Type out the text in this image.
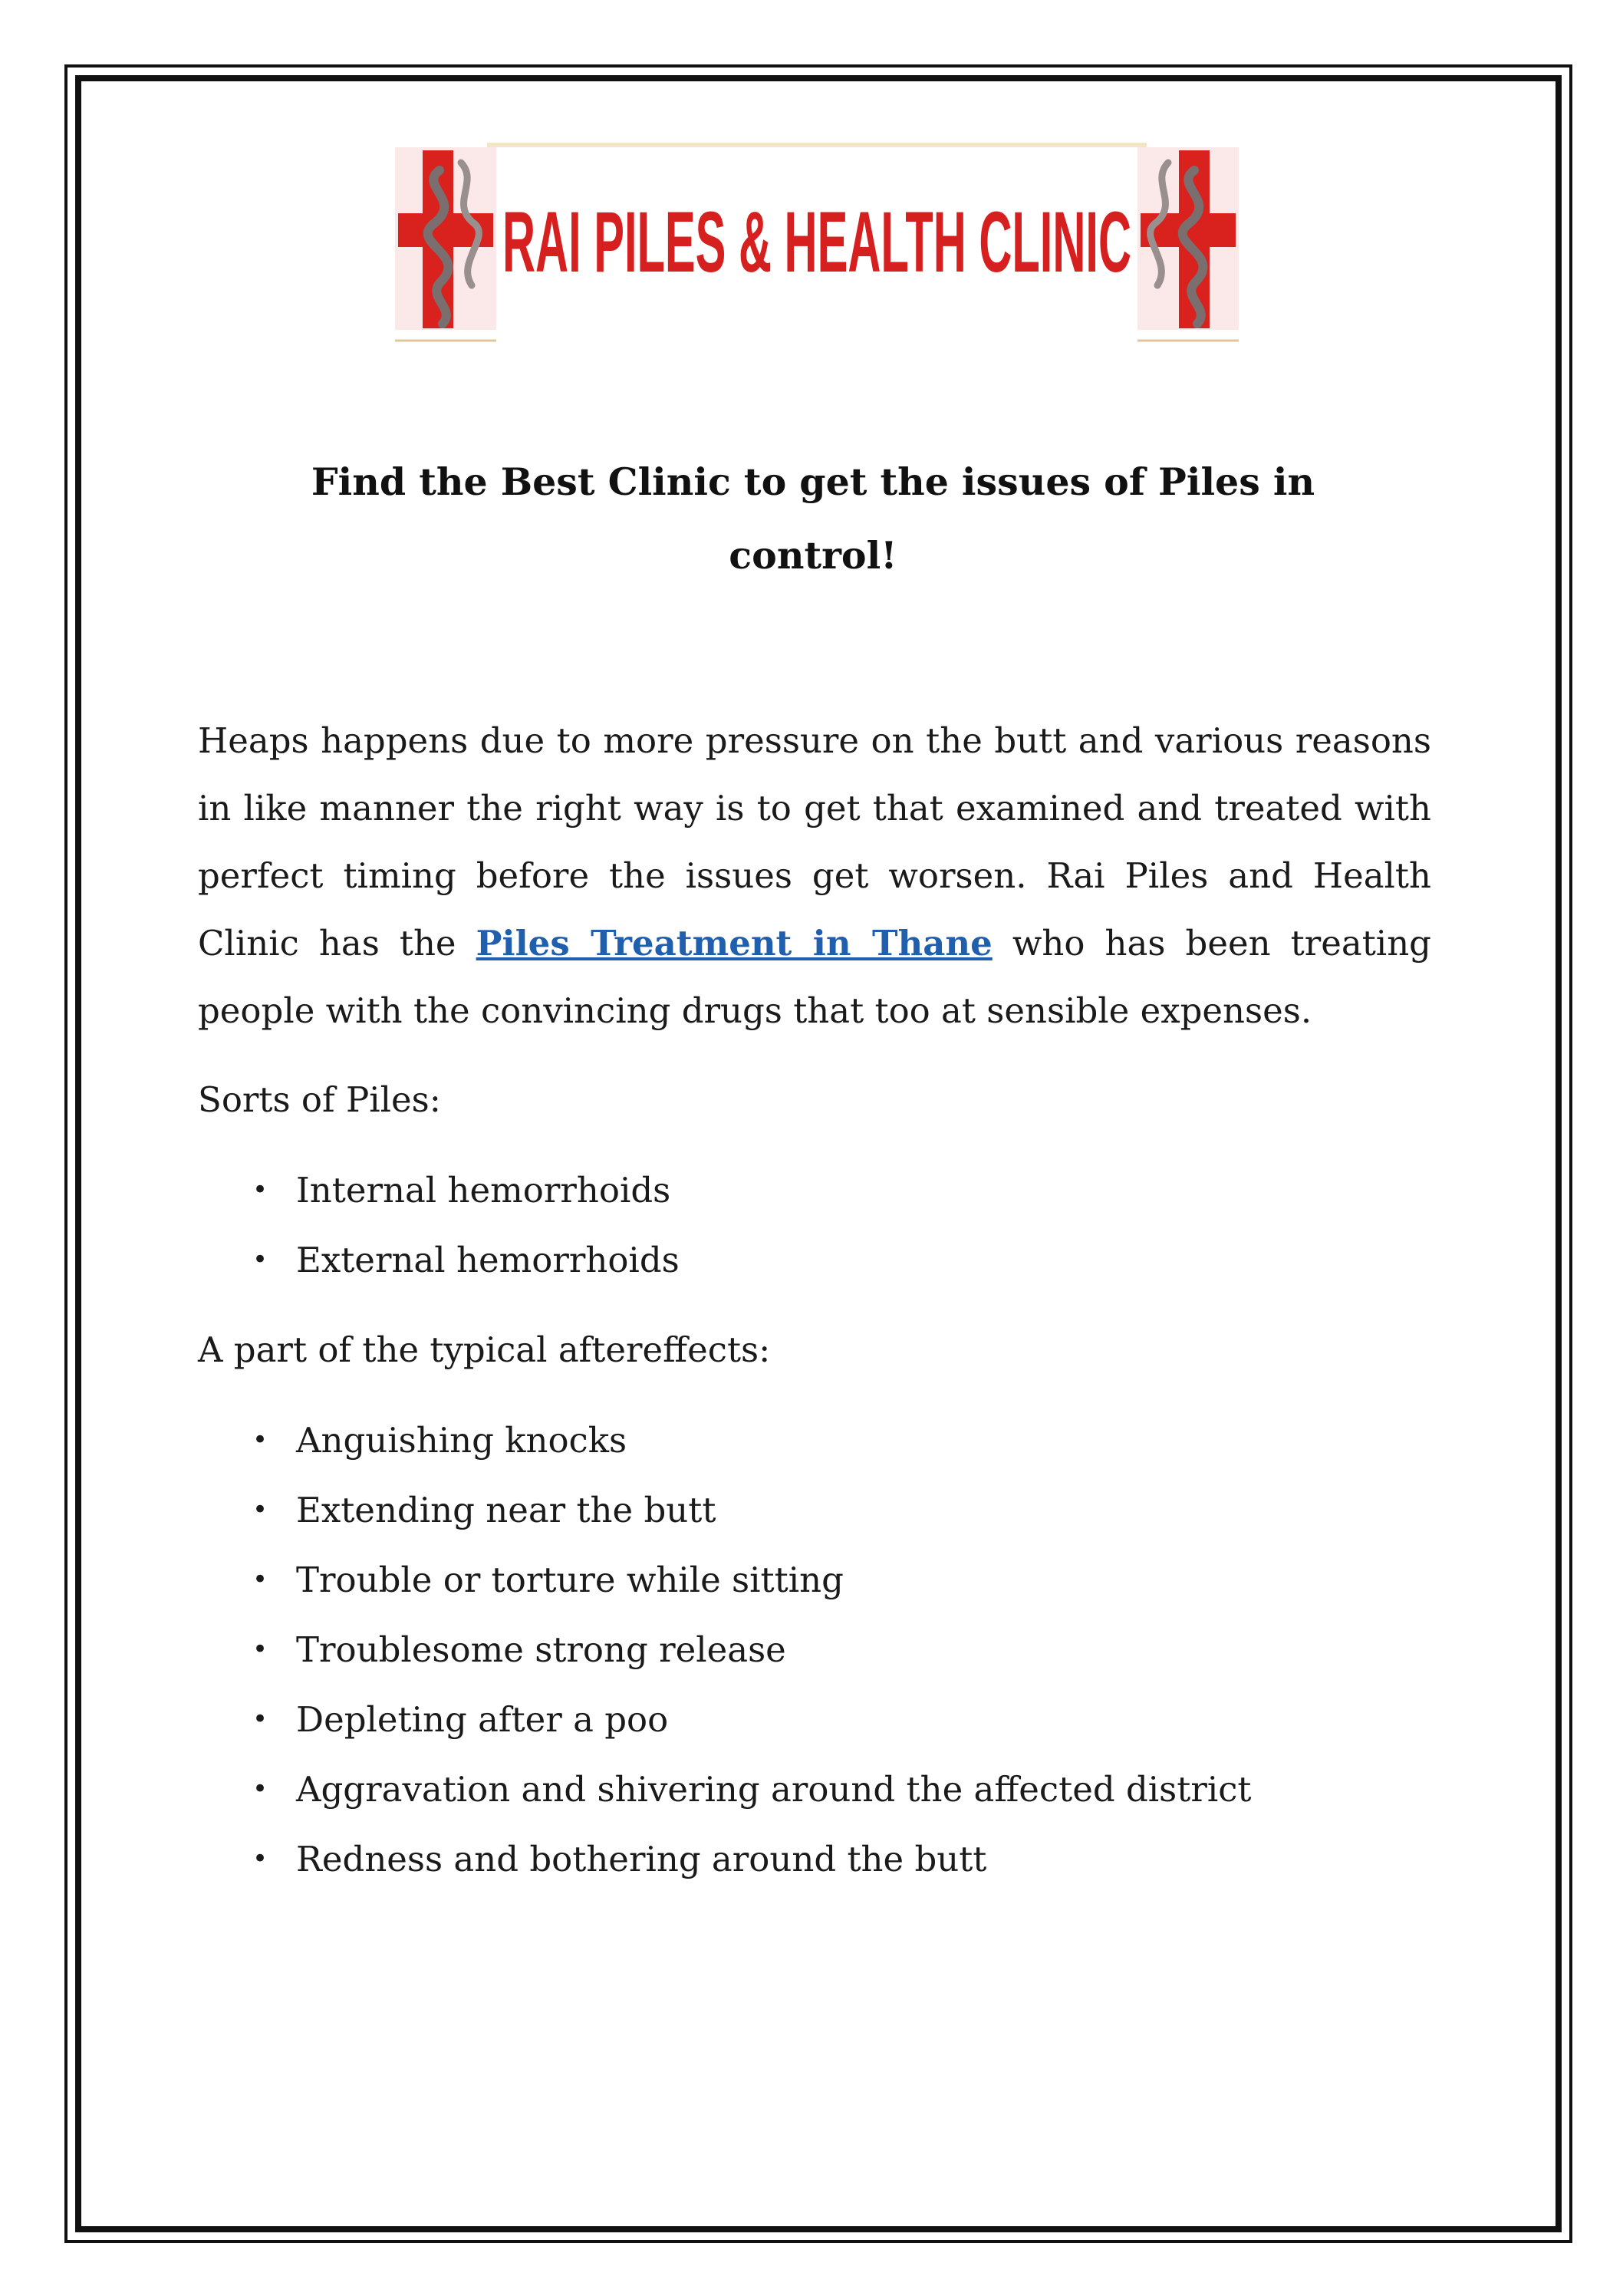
RAI PILES & HEALTH CLINIC
Find the Best Clinic to get the issues of Piles in
control!

Heaps happens due to more pressure on the butt and various reasons in like manner the right way is to get that examined and treated with perfect timing before the issues get worsen. Rai Piles and Health Clinic has the Piles Treatment in Thane who has been treating people with the convincing drugs that too at sensible expenses.

Sorts of Piles:

• Internal hemorrhoids
• External hemorrhoids

A part of the typical aftereffects:

• Anguishing knocks
• Extending near the butt
• Trouble or torture while sitting
• Troublesome strong release
• Depleting after a poo
• Aggravation and shivering around the affected district
• Redness and bothering around the butt
